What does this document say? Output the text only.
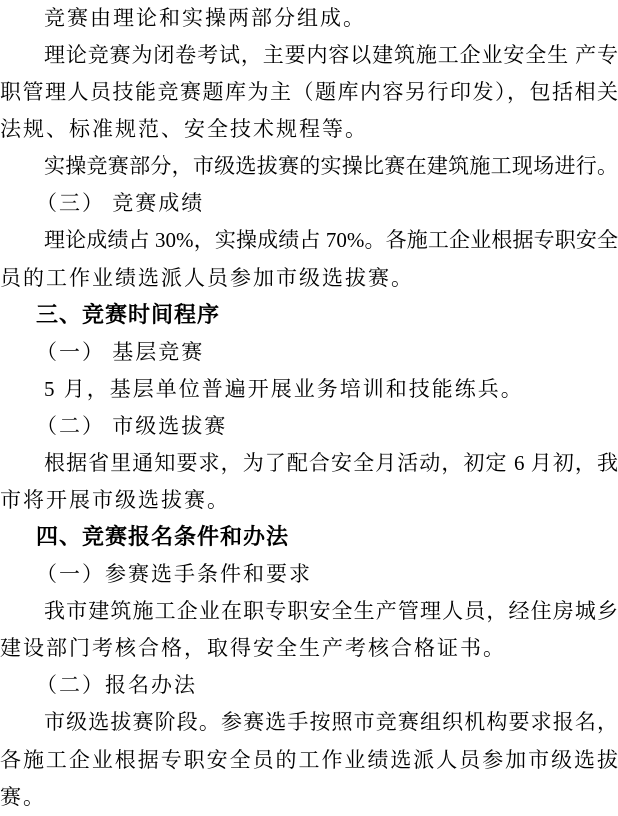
竞赛由理论和实操两部分组成。
理论竞赛为闭卷考试，主要内容以建筑施工企业安全生 产专
职管理人员技能竞赛题库为主（题库内容另行印发），包括相关
法规、标准规范、安全技术规程等。
实操竞赛部分，市级选拔赛的实操比赛在建筑施工现场进行。
（三） 竞赛成绩
理论成绩占 30%，实操成绩占 70%。各施工企业根据专职安全
员的工作业绩选派人员参加市级选拔赛。
三、竞赛时间程序
（一） 基层竞赛
5 月，基层单位普遍开展业务培训和技能练兵。
（二） 市级选拔赛
根据省里通知要求，为了配合安全月活动，初定 6 月初，我
市将开展市级选拔赛。
四、竞赛报名条件和办法
（一）参赛选手条件和要求
我市建筑施工企业在职专职安全生产管理人员，经住房城乡
建设部门考核合格，取得安全生产考核合格证书。
（二）报名办法
市级选拔赛阶段。参赛选手按照市竞赛组织机构要求报名，
各施工企业根据专职安全员的工作业绩选派人员参加市级选拔
赛。
